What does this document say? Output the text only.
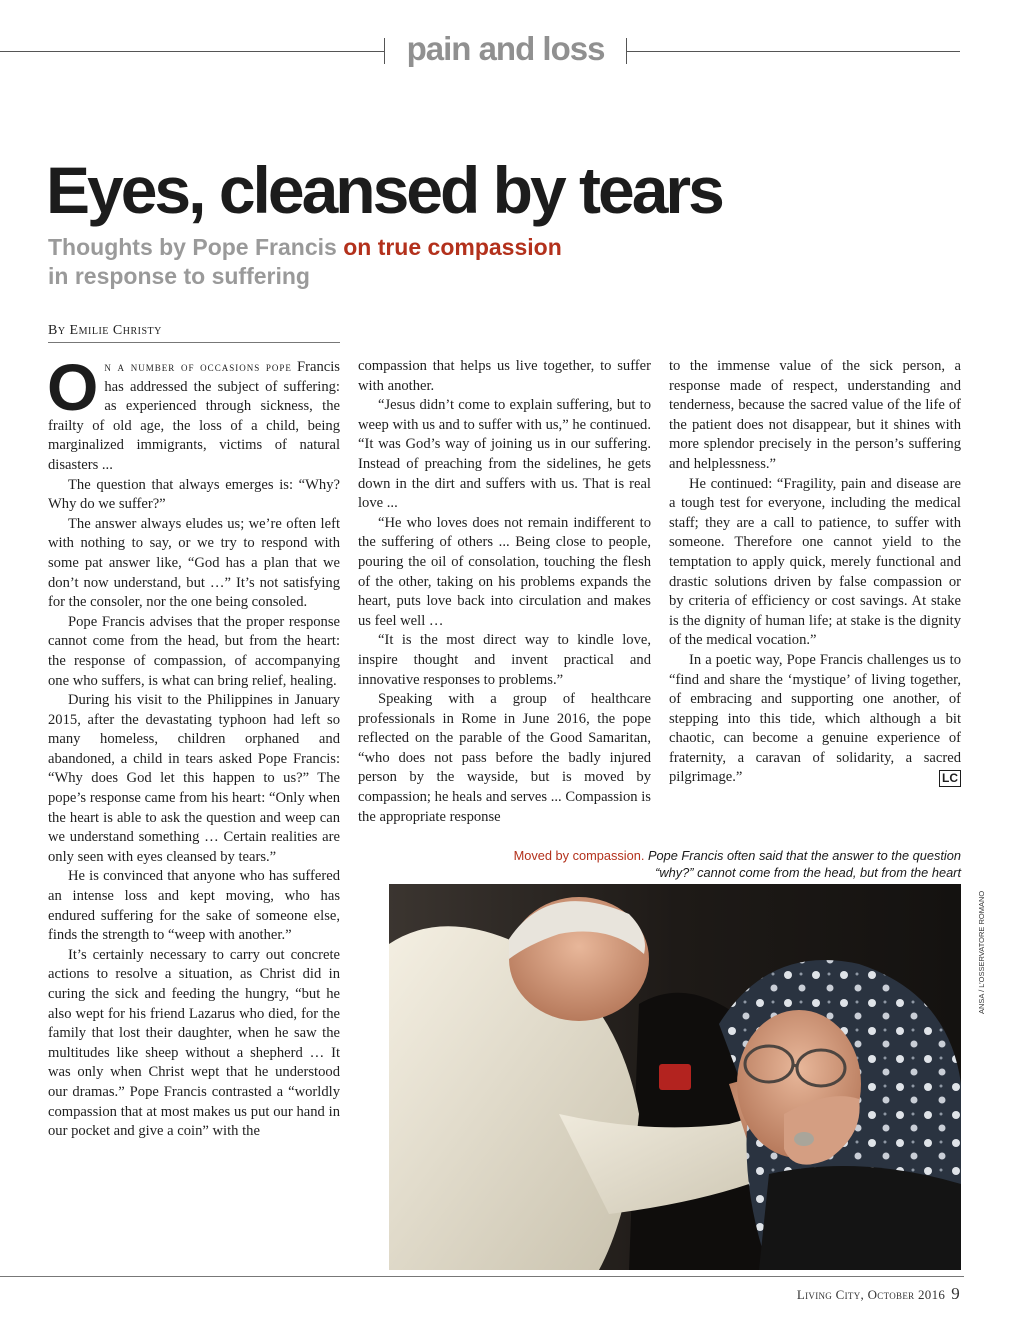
pain and loss
Eyes, cleansed by tears
Thoughts by Pope Francis on true compassion
in response to suffering
By Emilie Christy

On a number of occasions pope Francis has addressed the subject of suffering: as experienced through sickness, the frailty of old age, the loss of a child, being marginalized immigrants, victims of natural disasters ...

The question that always emerges is: “Why? Why do we suffer?”

The answer always eludes us; we’re often left with nothing to say, or we try to respond with some pat answer like, “God has a plan that we don’t now understand, but …” It’s not satisfying for the consoler, nor the one being consoled.

Pope Francis advises that the proper response cannot come from the head, but from the heart: the response of compassion, of accompanying one who suffers, is what can bring relief, healing.

During his visit to the Philippines in January 2015, after the devastating typhoon had left so many homeless, children orphaned and abandoned, a child in tears asked Pope Francis: “Why does God let this happen to us?” The pope’s response came from his heart: “Only when the heart is able to ask the question and weep can we understand something … Certain realities are only seen with eyes cleansed by tears.”

He is convinced that anyone who has suffered an intense loss and kept moving, who has endured suffering for the sake of someone else, finds the strength to “weep with another.”

It’s certainly necessary to carry out concrete actions to resolve a situation, as Christ did in curing the sick and feeding the hungry, “but he also wept for his friend Lazarus who died, for the family that lost their daughter, when he saw the multitudes like sheep without a shepherd … It was only when Christ wept that he understood our dramas.” Pope Francis contrasted a “worldly compassion that at most makes us put our hand in our pocket and give a coin” with the

compassion that helps us live together, to suffer with another.

“Jesus didn’t come to explain suffering, but to weep with us and to suffer with us,” he continued. “It was God’s way of joining us in our suffering. Instead of preaching from the sidelines, he gets down in the dirt and suffers with us. That is real love ...

“He who loves does not remain indifferent to the suffering of others ... Being close to people, pouring the oil of consolation, touching the flesh of the other, taking on his problems expands the heart, puts love back into circulation and makes us feel well …

“It is the most direct way to kindle love, inspire thought and invent practical and innovative responses to problems.”

Speaking with a group of healthcare professionals in Rome in June 2016, the pope reflected on the parable of the Good Samaritan, “who does not pass before the badly injured person by the wayside, but is moved by compassion; he heals and serves ... Compassion is the appropriate response

to the immense value of the sick person, a response made of respect, understanding and tenderness, because the sacred value of the life of the patient does not disappear, but it shines with more splendor precisely in the person’s suffering and helplessness.”

He continued: “Fragility, pain and disease are a tough test for everyone, including the medical staff; they are a call to patience, to suffer with someone. Therefore one cannot yield to the temptation to apply quick, merely functional and drastic solutions driven by false compassion or by criteria of efficiency or cost savings. At stake is the dignity of human life; at stake is the dignity of the medical vocation.”

In a poetic way, Pope Francis challenges us to “find and share the ‘mystique’ of living together, of embracing and supporting one another, of stepping into this tide, which although a bit chaotic, can become a genuine experience of fraternity, a caravan of solidarity, a sacred pilgrimage.”	LC

Moved by compassion. Pope Francis often said that the answer to the question “why?” cannot come from the head, but from the heart
ANSA / L’OSSERVATORE ROMANO
Living City, October 2016 9
